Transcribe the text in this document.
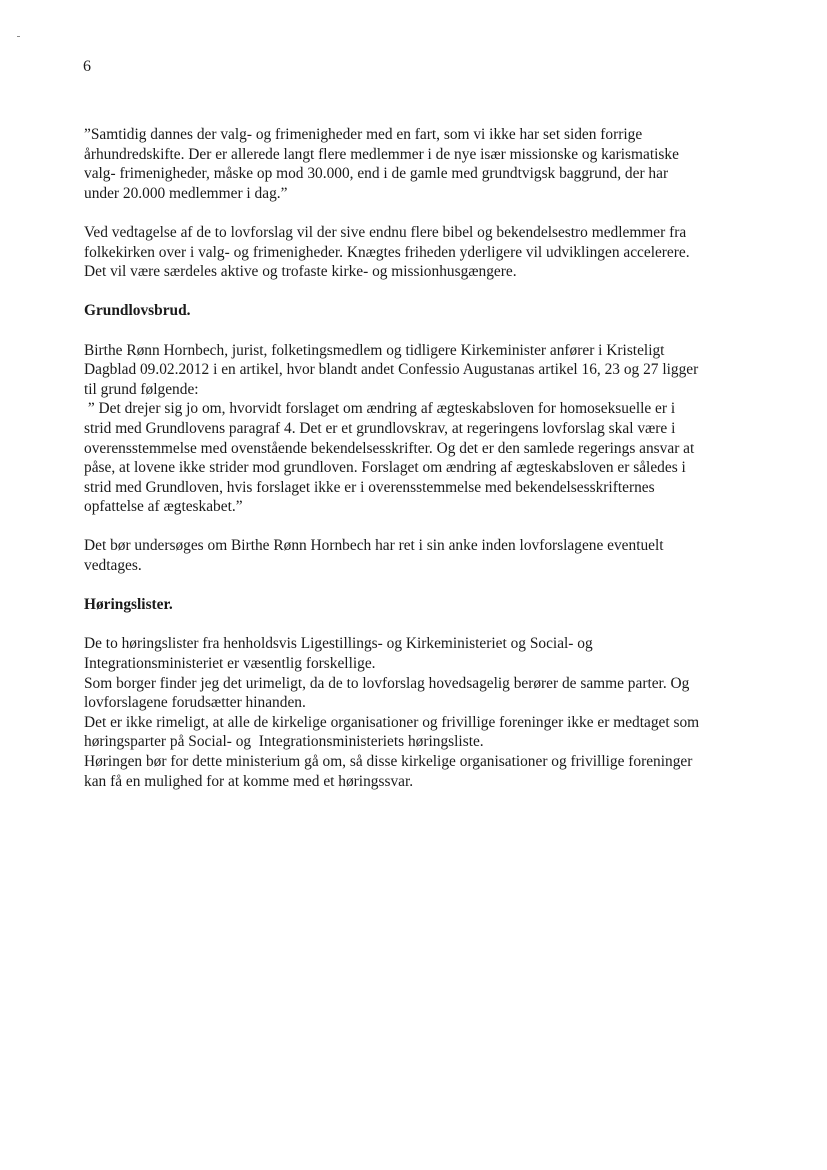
6

”Samtidig dannes der valg- og frimenigheder med en fart, som vi ikke har set siden forrige
århundredskifte. Der er allerede langt flere medlemmer i de nye især missionske og karismatiske
valg- frimenigheder, måske op mod 30.000, end i de gamle med grundtvigsk baggrund, der har
under 20.000 medlemmer i dag.”

Ved vedtagelse af de to lovforslag vil der sive endnu flere bibel og bekendelsestro medlemmer fra
folkekirken over i valg- og frimenigheder. Knægtes friheden yderligere vil udviklingen accelerere.
Det vil være særdeles aktive og trofaste kirke- og missionhusgængere.

Grundlovsbrud.

Birthe Rønn Hornbech, jurist, folketingsmedlem og tidligere Kirkeminister anfører i Kristeligt
Dagblad 09.02.2012 i en artikel, hvor blandt andet Confessio Augustanas artikel 16, 23 og 27 ligger
til grund følgende:
” Det drejer sig jo om, hvorvidt forslaget om ændring af ægteskabsloven for homoseksuelle er i
strid med Grundlovens paragraf 4. Det er et grundlovskrav, at regeringens lovforslag skal være i
overensstemmelse med ovenstående bekendelsesskrifter. Og det er den samlede regerings ansvar at
påse, at lovene ikke strider mod grundloven. Forslaget om ændring af ægteskabsloven er således i
strid med Grundloven, hvis forslaget ikke er i overensstemmelse med bekendelsesskrifternes
opfattelse af ægteskabet.”

Det bør undersøges om Birthe Rønn Hornbech har ret i sin anke inden lovforslagene eventuelt
vedtages.

Høringslister.

De to høringslister fra henholdsvis Ligestillings- og Kirkeministeriet og Social- og
Integrationsministeriet er væsentlig forskellige.
Som borger finder jeg det urimeligt, da de to lovforslag hovedsagelig berører de samme parter. Og
lovforslagene forudsætter hinanden.
Det er ikke rimeligt, at alle de kirkelige organisationer og frivillige foreninger ikke er medtaget som
høringsparter på Social- og  Integrationsministeriets høringsliste.
Høringen bør for dette ministerium gå om, så disse kirkelige organisationer og frivillige foreninger
kan få en mulighed for at komme med et høringssvar.
